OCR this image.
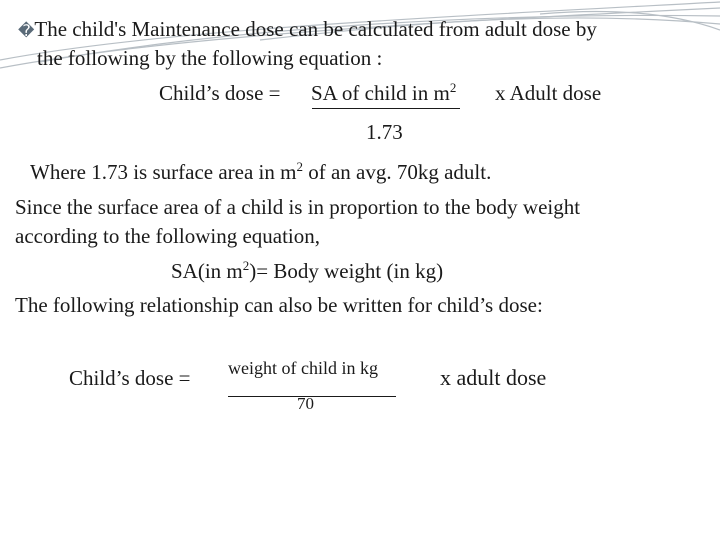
�The child's Maintenance dose can be calculated from adult dose by
the following by the following equation :
Child’s dose = SA of child in $m^2$ x Adult dose
1.73
Where 1.73 is surface area in $m^2$ of an avg. 70kg adult.
Since the surface area of a child is in proportion to the body weight
according to the following equation,
SA(in $m^2)=$ Body weight (in kg)
The following relationship can also be written for child’s dose:
Child’s dose = weight of child in kg
70
x adult dose
